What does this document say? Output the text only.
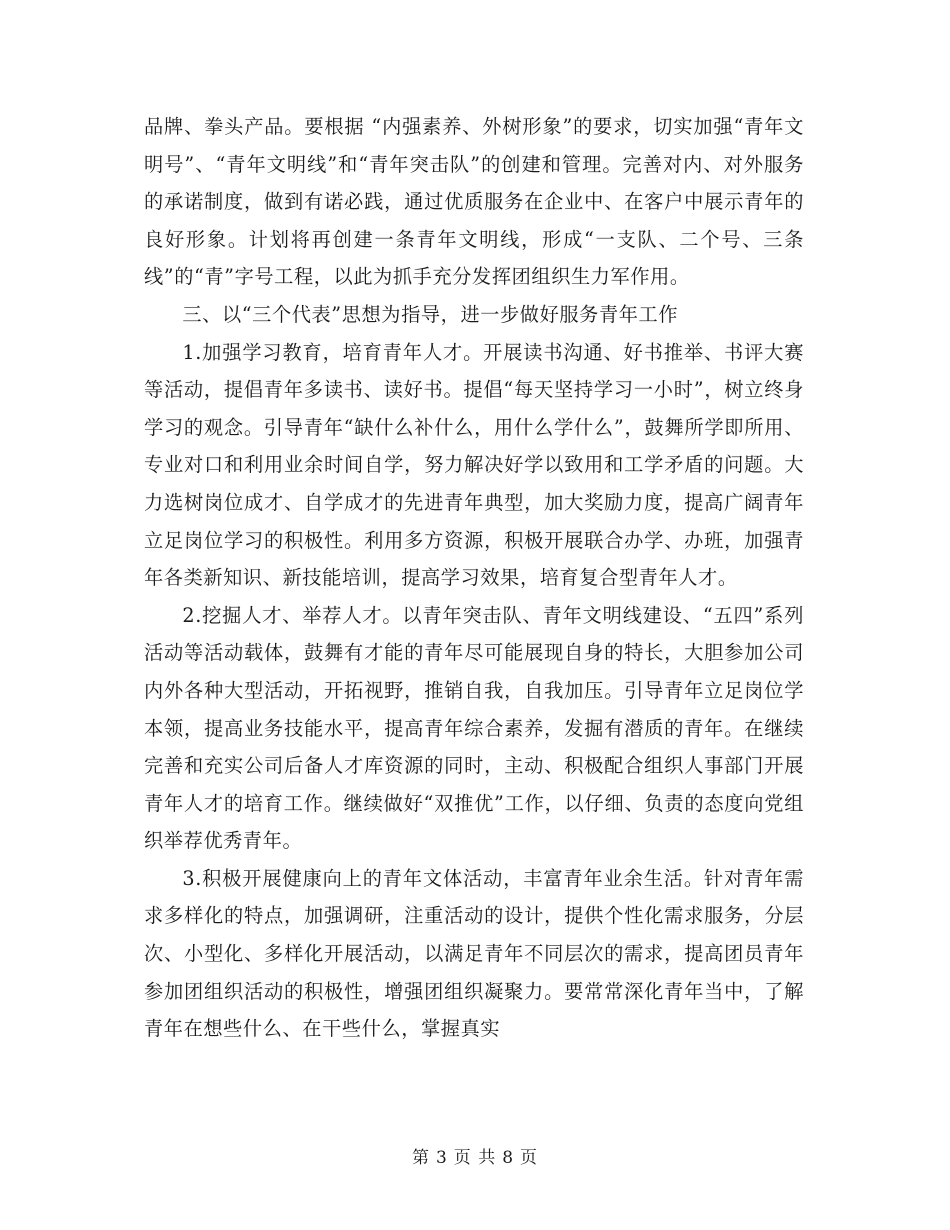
品牌、拳头产品。要根据 “内强素养、外树形象”的要求，切实加强“青年文明号”、“青年文明线”和“青年突击队”的创建和管理。完善对内、对外服务的承诺制度，做到有诺必践，通过优质服务在企业中、在客户中展示青年的良好形象。计划将再创建一条青年文明线，形成“一支队、二个号、三条线”的“青”字号工程，以此为抓手充分发挥团组织生力军作用。

三、以“三个代表”思想为指导，进一步做好服务青年工作

1.加强学习教育，培育青年人才。开展读书沟通、好书推举、书评大赛等活动，提倡青年多读书、读好书。提倡“每天坚持学习一小时”，树立终身学习的观念。引导青年“缺什么补什么，用什么学什么”，鼓舞所学即所用、专业对口和利用业余时间自学，努力解决好学以致用和工学矛盾的问题。大力选树岗位成才、自学成才的先进青年典型，加大奖励力度，提高广阔青年立足岗位学习的积极性。利用多方资源，积极开展联合办学、办班，加强青年各类新知识、新技能培训，提高学习效果，培育复合型青年人才。

2.挖掘人才、举荐人才。以青年突击队、青年文明线建设、“五四”系列活动等活动载体，鼓舞有才能的青年尽可能展现自身的特长，大胆参加公司内外各种大型活动，开拓视野，推销自我，自我加压。引导青年立足岗位学本领，提高业务技能水平，提高青年综合素养，发掘有潜质的青年。在继续完善和充实公司后备人才库资源的同时，主动、积极配合组织人事部门开展青年人才的培育工作。继续做好“双推优”工作，以仔细、负责的态度向党组织举荐优秀青年。

3.积极开展健康向上的青年文体活动，丰富青年业余生活。针对青年需求多样化的特点，加强调研，注重活动的设计，提供个性化需求服务，分层次、小型化、多样化开展活动，以满足青年不同层次的需求，提高团员青年参加团组织活动的积极性，增强团组织凝聚力。要常常深化青年当中，了解青年在想些什么、在干些什么，掌握真实

第 3 页 共 8 页
